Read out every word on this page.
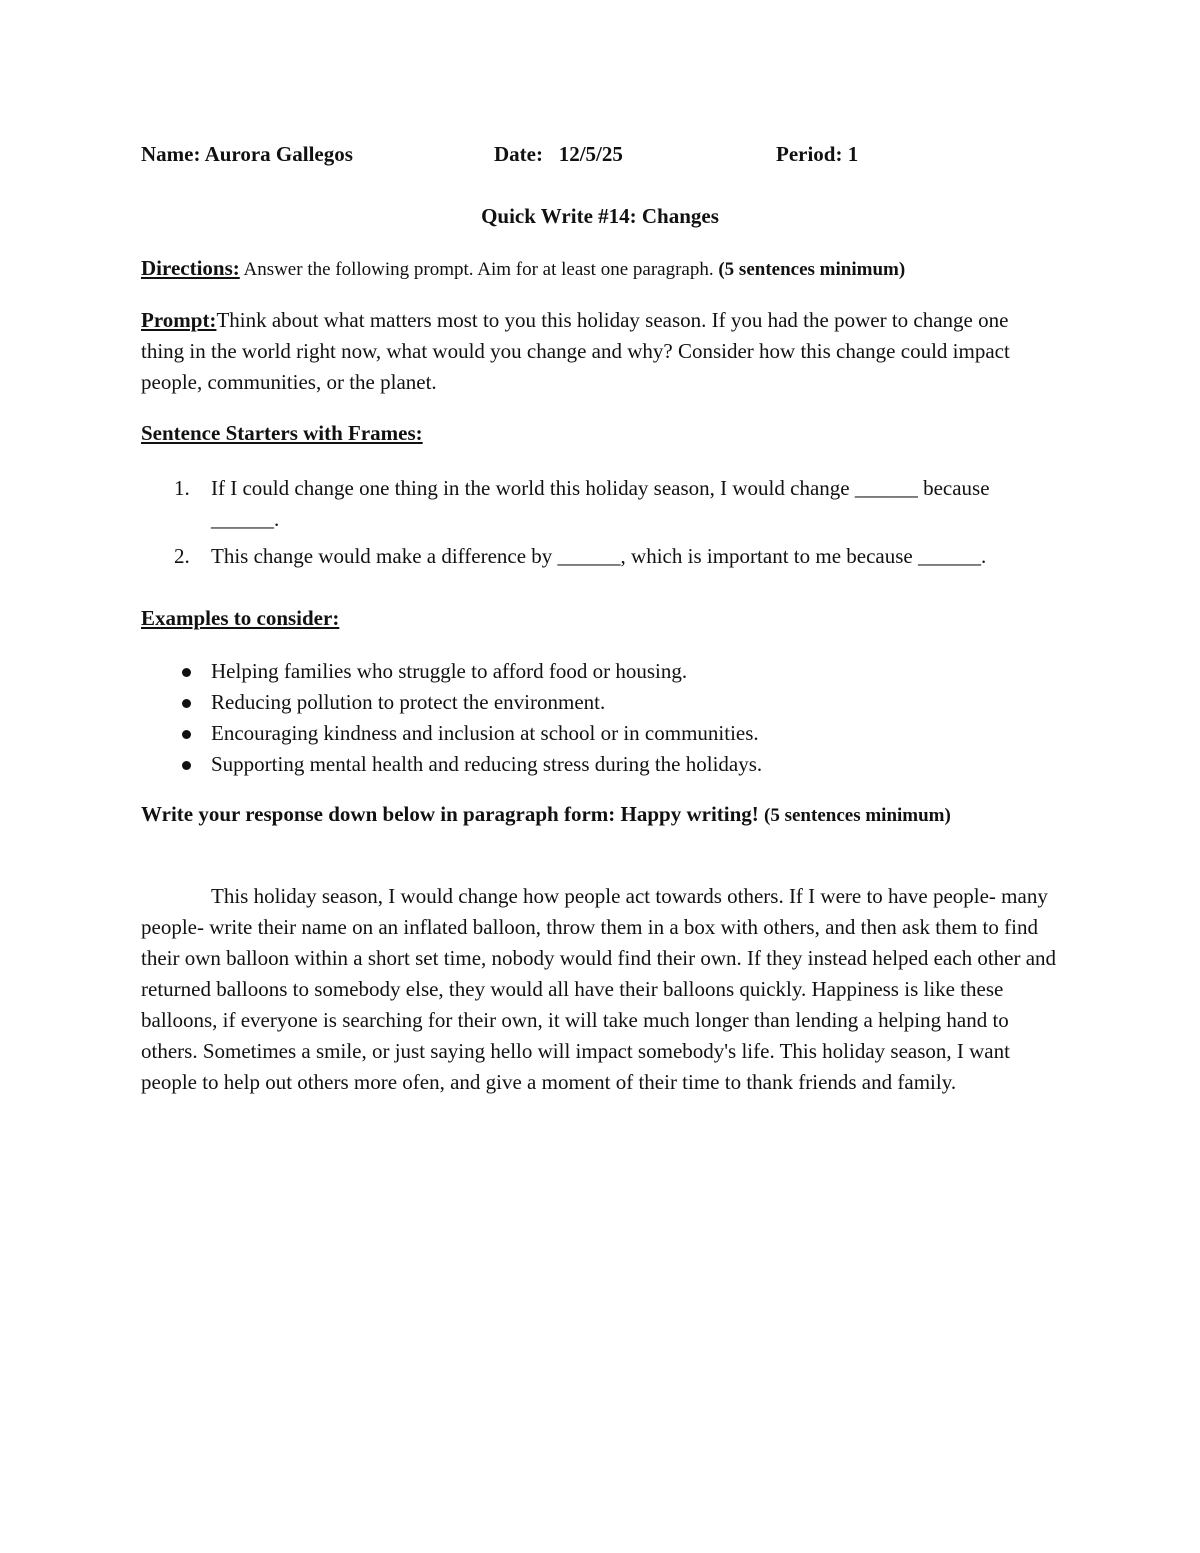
Name: Aurora Gallegos	Date:   12/5/25	Period: 1
Quick Write #14: Changes
Directions: Answer the following prompt. Aim for at least one paragraph. (5 sentences minimum)
Prompt:Think about what matters most to you this holiday season. If you had the power to change one thing in the world right now, what would you change and why? Consider how this change could impact people, communities, or the planet.
Sentence Starters with Frames:
1. If I could change one thing in the world this holiday season, I would change ______ because ______.
2. This change would make a difference by ______, which is important to me because ______.
Examples to consider:
Helping families who struggle to afford food or housing.
Reducing pollution to protect the environment.
Encouraging kindness and inclusion at school or in communities.
Supporting mental health and reducing stress during the holidays.
Write your response down below in paragraph form: Happy writing! (5 sentences minimum)

This holiday season, I would change how people act towards others. If I were to have people- many people- write their name on an inflated balloon, throw them in a box with others, and then ask them to find their own balloon within a short set time, nobody would find their own. If they instead helped each other and returned balloons to somebody else, they would all have their balloons quickly. Happiness is like these balloons, if everyone is searching for their own, it will take much longer than lending a helping hand to others. Sometimes a smile, or just saying hello will impact somebody's life. This holiday season, I want people to help out others more ofen, and give a moment of their time to thank friends and family.
